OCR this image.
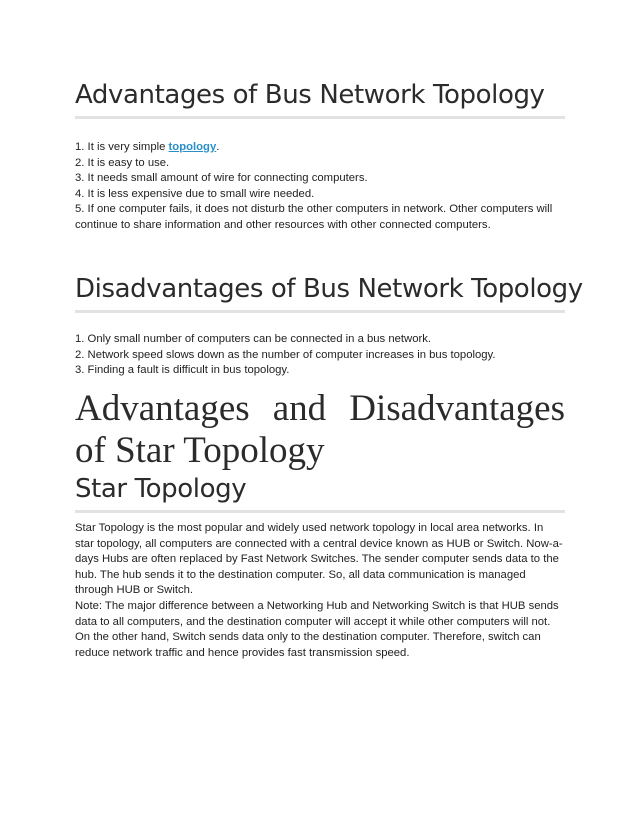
Advantages of Bus Network Topology
1. It is very simple topology.
2. It is easy to use.
3. It needs small amount of wire for connecting computers.
4. It is less expensive due to small wire needed.
5. If one computer fails, it does not disturb the other computers in network. Other computers will continue to share information and other resources with other connected computers.
Disadvantages of Bus Network Topology
1. Only small number of computers can be connected in a bus network.
2. Network speed slows down as the number of computer increases in bus topology.
3. Finding a fault is difficult in bus topology.
Advantages and Disadvantages of Star Topology
Star Topology

Star Topology is the most popular and widely used network topology in local area networks. In star topology, all computers are connected with a central device known as HUB or Switch. Now-a-days Hubs are often replaced by Fast Network Switches. The sender computer sends data to the hub. The hub sends it to the destination computer. So, all data communication is managed through HUB or Switch.

Note: The major difference between a Networking Hub and Networking Switch is that HUB sends data to all computers, and the destination computer will accept it while other computers will not. On the other hand, Switch sends data only to the destination computer. Therefore, switch can reduce network traffic and hence provides fast transmission speed.
